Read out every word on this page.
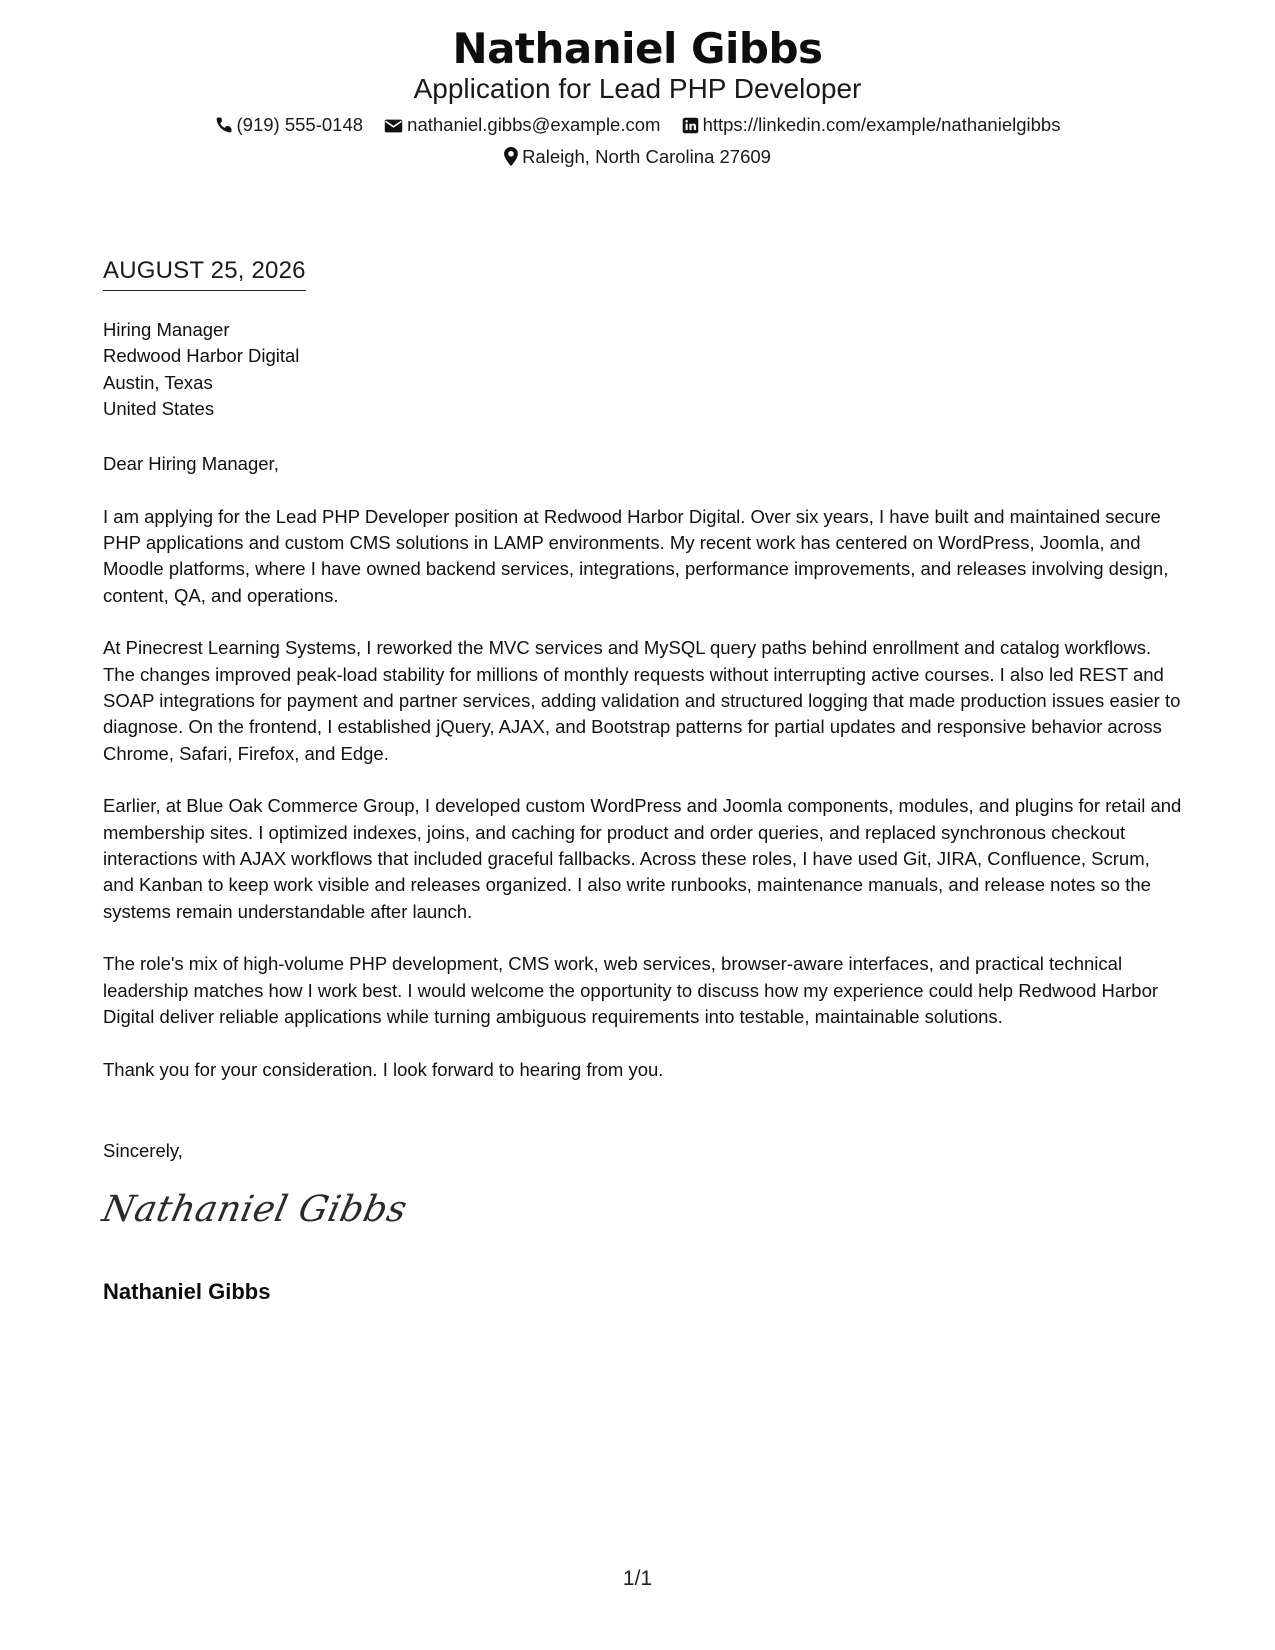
Nathaniel Gibbs
Application for Lead PHP Developer
(919) 555-0148 nathaniel.gibbs@example.com https://linkedin.com/example/nathanielgibbs
Raleigh, North Carolina 27609
AUGUST 25, 2026
Hiring Manager
Redwood Harbor Digital
Austin, Texas
United States

Dear Hiring Manager,

I am applying for the Lead PHP Developer position at Redwood Harbor Digital. Over six years, I have built and maintained secure PHP applications and custom CMS solutions in LAMP environments. My recent work has centered on WordPress, Joomla, and Moodle platforms, where I have owned backend services, integrations, performance improvements, and releases involving design, content, QA, and operations.

At Pinecrest Learning Systems, I reworked the MVC services and MySQL query paths behind enrollment and catalog workflows. The changes improved peak-load stability for millions of monthly requests without interrupting active courses. I also led REST and SOAP integrations for payment and partner services, adding validation and structured logging that made production issues easier to diagnose. On the frontend, I established jQuery, AJAX, and Bootstrap patterns for partial updates and responsive behavior across Chrome, Safari, Firefox, and Edge.

Earlier, at Blue Oak Commerce Group, I developed custom WordPress and Joomla components, modules, and plugins for retail and membership sites. I optimized indexes, joins, and caching for product and order queries, and replaced synchronous checkout interactions with AJAX workflows that included graceful fallbacks. Across these roles, I have used Git, JIRA, Confluence, Scrum, and Kanban to keep work visible and releases organized. I also write runbooks, maintenance manuals, and release notes so the systems remain understandable after launch.

The role's mix of high-volume PHP development, CMS work, web services, browser-aware interfaces, and practical technical leadership matches how I work best. I would welcome the opportunity to discuss how my experience could help Redwood Harbor Digital deliver reliable applications while turning ambiguous requirements into testable, maintainable solutions.

Thank you for your consideration. I look forward to hearing from you.

Sincerely,
Nathaniel Gibbs
Nathaniel Gibbs
1/1
